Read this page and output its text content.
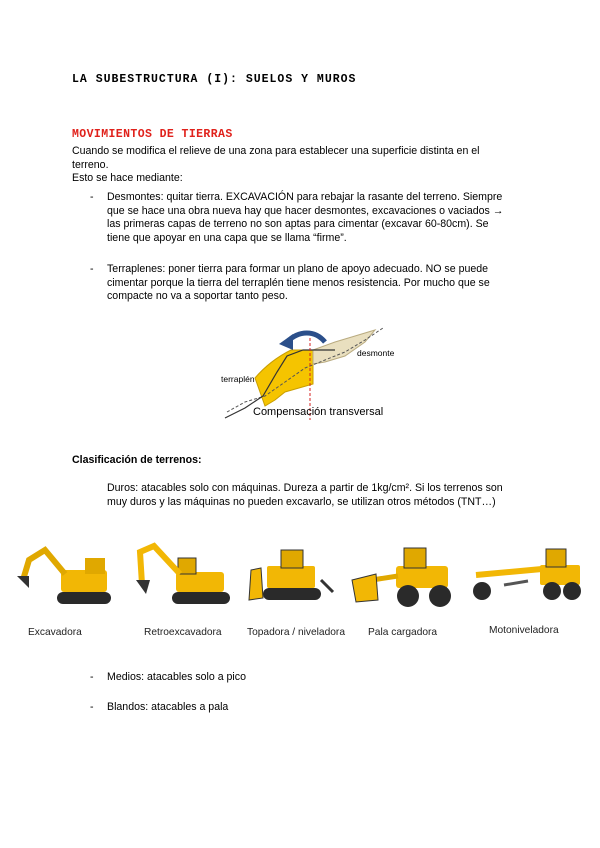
LA SUBESTRUCTURA (I): SUELOS Y MUROS
MOVIMIENTOS DE TIERRAS
Cuando se modifica el relieve de una zona para establecer una superficie distinta en el
terreno.
Esto se hace mediante:
- Desmontes: quitar tierra. EXCAVACIÓN para rebajar la rasante del terreno. Siempre
que se hace una obra nueva hay que hacer desmontes, excavaciones o vaciados →
las primeras capas de terreno no son aptas para cimentar (excavar 60-80cm). Se
tiene que apoyar en una capa que se llama “firme”.
- Terraplenes: poner tierra para formar un plano de apoyo adecuado. NO se puede
cimentar porque la tierra del terraplén tiene menos resistencia. Por mucho que se
compacte no va a soportar tanto peso.
terraplén
desmonte
Compensación transversal
Clasificación de terrenos:
Duros: atacables solo con máquinas. Dureza a partir de 1kg/cm². Si los terrenos son
muy duros y las máquinas no pueden excavarlo, se utilizan otros métodos (TNT…)
Excavadora	Retroexcavadora Topadora / niveladora Pala cargadora	Motoniveladora
- Medios: atacables solo a pico
- Blandos: atacables a pala
